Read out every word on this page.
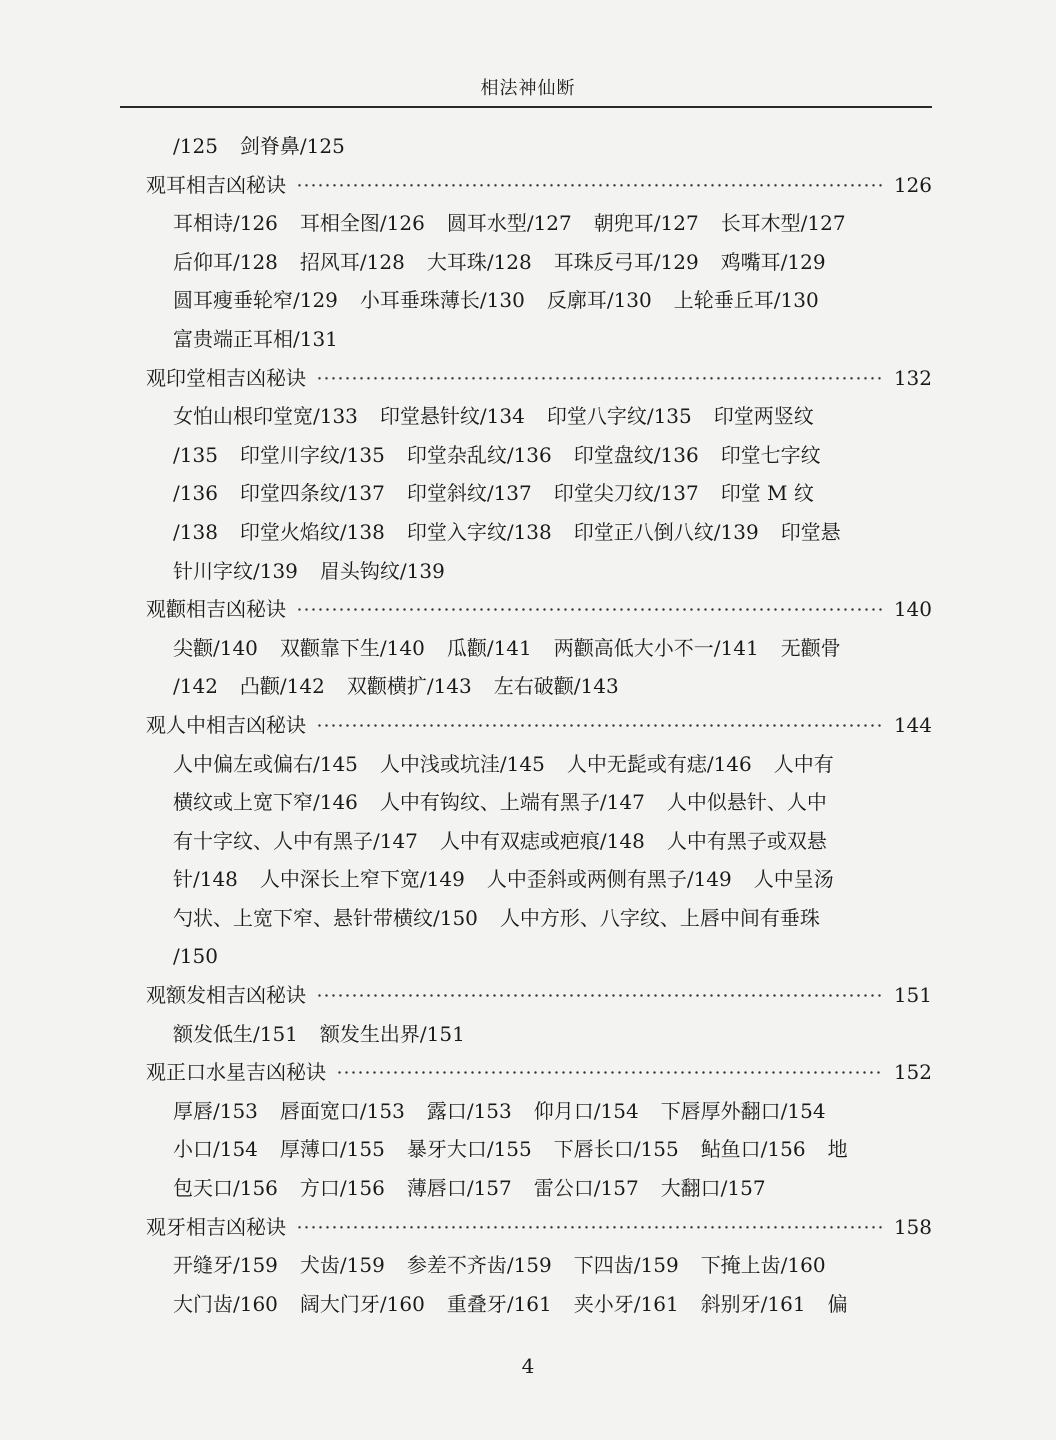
相法神仙断
/125 剑脊鼻/125
观耳相吉凶秘诀	126
耳相诗/126 耳相全图/126 圆耳水型/127 朝兜耳/127 长耳木型/127
后仰耳/128 招风耳/128 大耳珠/128 耳珠反弓耳/129 鸡嘴耳/129
圆耳瘦垂轮窄/129 小耳垂珠薄长/130 反廓耳/130 上轮垂丘耳/130
富贵端正耳相/131
观印堂相吉凶秘诀	132
女怕山根印堂宽/133 印堂悬针纹/134 印堂八字纹/135 印堂两竖纹
/135 印堂川字纹/135 印堂杂乱纹/136 印堂盘纹/136 印堂七字纹
/136 印堂四条纹/137 印堂斜纹/137 印堂尖刀纹/137 印堂 M 纹
/138 印堂火焰纹/138 印堂入字纹/138 印堂正八倒八纹/139 印堂悬
针川字纹/139 眉头钩纹/139
观颧相吉凶秘诀	140
尖颧/140 双颧靠下生/140 瓜颧/141 两颧高低大小不一/141 无颧骨
/142 凸颧/142 双颧横扩/143 左右破颧/143
观人中相吉凶秘诀	144
人中偏左或偏右/145 人中浅或坑洼/145 人中无髭或有痣/146 人中有
横纹或上宽下窄/146 人中有钩纹、上端有黑子/147 人中似悬针、人中
有十字纹、人中有黑子/147 人中有双痣或疤痕/148 人中有黑子或双悬
针/148 人中深长上窄下宽/149 人中歪斜或两侧有黑子/149 人中呈汤
勺状、上宽下窄、悬针带横纹/150 人中方形、八字纹、上唇中间有垂珠
/150
观额发相吉凶秘诀	151
额发低生/151 额发生出界/151
观正口水星吉凶秘诀	152
厚唇/153 唇面宽口/153 露口/153 仰月口/154 下唇厚外翻口/154
小口/154 厚薄口/155 暴牙大口/155 下唇长口/155 鲇鱼口/156 地
包天口/156 方口/156 薄唇口/157 雷公口/157 大翻口/157
观牙相吉凶秘诀	158
开缝牙/159 犬齿/159 参差不齐齿/159 下四齿/159 下掩上齿/160
大门齿/160 阔大门牙/160 重叠牙/161 夹小牙/161 斜别牙/161 偏
4
